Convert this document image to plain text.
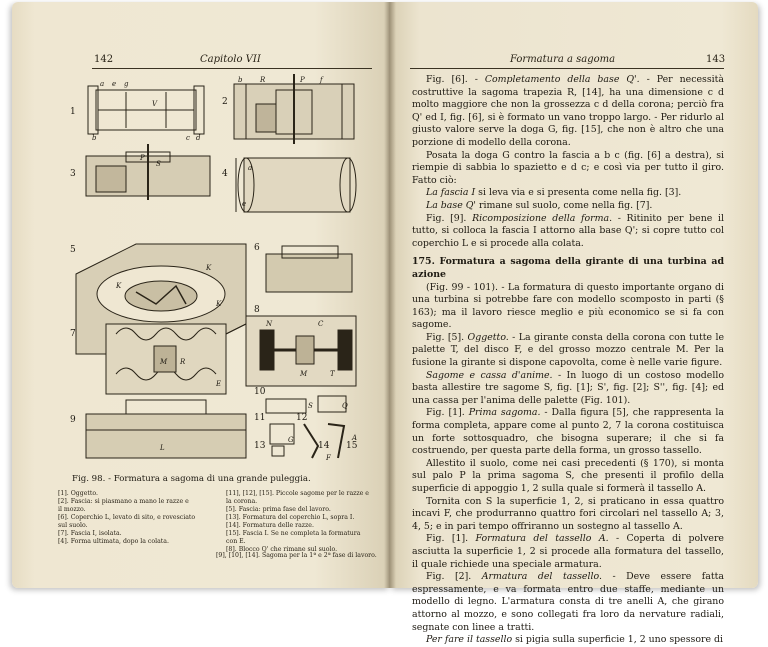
142	Capitolo VII
1
2
3	4
5	6
7
8
9
10
11	12
13	14 15
a e g
b	c d
V
b	R	P f
S
P
a
e
K
K
K
M R
E
L
N	C
M	T
S
G
Q
F
A
Fig. 98. - Formatura a sagoma di una grande puleggia.
[1]. Oggetto.
[2]. Fascia: si piasmano a mano le razze e
il mozzo.
[6]. Coperchio L, levato di sito, e rovesciato
sul suolo.
[7]. Fascia I, isolata.
[4]. Forma ultimata, dopo la colata.
[11], [12], [15]. Piccole sagome per le razze e
la corona.
[5]. Fascia: prima fase del lavoro.
[13]. Formatura del coperchio L, sopra I.
[14]. Formatura delle razze.
[15]. Fascia I. Se ne completa la formatura
con E.
[8]. Blocco Q' che rimane sul suolo.
[9], [10], [14]. Sagoma per la 1ª e 2ª fase di lavoro.
Formatura a sagoma	143

Fig. [6]. - Completamento della base Q'. - Per necessità costruttive la sagoma trapezia R, [14], ha una dimensione c d molto maggiore che non la grossezza c d della corona; perciò fra Q' ed I, fig. [6], si è formato un vano troppo largo. - Per ridurlo al giusto valore serve la doga G, fig. [15], che non è altro che una porzione di modello della corona.

Posata la doga G contro la fascia a b c (fig. [6] a destra), si riempie di sabbia lo spazietto e d c; e così via per tutto il giro. Fatto ciò:

La fascia I si leva via e si presenta come nella fig. [3].

La base Q' rimane sul suolo, come nella fig. [7].

Fig. [9]. Ricomposizione della forma. - Ritinito per bene il tutto, si colloca la fascia I attorno alla base Q'; si copre tutto col coperchio L e si procede alla colata.

175. Formatura a sagoma della girante di una turbina ad azione

(Fig. 99 - 101). - La formatura di questo importante organo di una turbina si potrebbe fare con modello scomposto in parti (§ 163); ma il lavoro riesce meglio e più economico se si fa con sagome.

Fig. [5]. Oggetto. - La girante consta della corona con tutte le palette T, del disco F, e del grosso mozzo centrale M. Per la fusione la girante si dispone capovolta, come è nelle varie figure.

Sagome e cassa d'anime. - In luogo di un costoso modello basta allestire tre sagome S, fig. [1]; S', fig. [2]; S'', fig. [4]; ed una cassa per l'anima delle palette (Fig. 101).

Fig. [1]. Prima sagoma. - Dalla figura [5], che rappresenta la forma completa, appare come al punto 2, 7 la corona costituisca un forte sottosquadro, che bisogna superare; il che si fa costruendo, per questa parte della forma, un grosso tassello.

Allestito il suolo, come nei casi precedenti (§ 170), si monta sul palo P la prima sagoma S, che presenti il profilo della superficie di appoggio 1, 2 sulla quale si formerà il tassello A.

Tornita con S la superficie 1, 2, si praticano in essa quattro incavi F, che produrranno quattro fori circolari nel tassello A; 3, 4, 5; e in pari tempo offriranno un sostegno al tassello A.

Fig. [1]. Formatura del tassello A. - Coperta di polvere asciutta la superficie 1, 2 si procede alla formatura del tassello, il quale richiede una speciale armatura.

Fig. [2]. Armatura del tassello. - Deve essere fatta espressamente, e va formata entro due staffe, mediante un modello di legno. L'armatura consta di tre anelli A, che girano attorno al mozzo, e sono collegati fra loro da nervature radiali, segnate con linee a tratti.

Per fare il tassello si pigia sulla superficie 1, 2 uno spessore di
